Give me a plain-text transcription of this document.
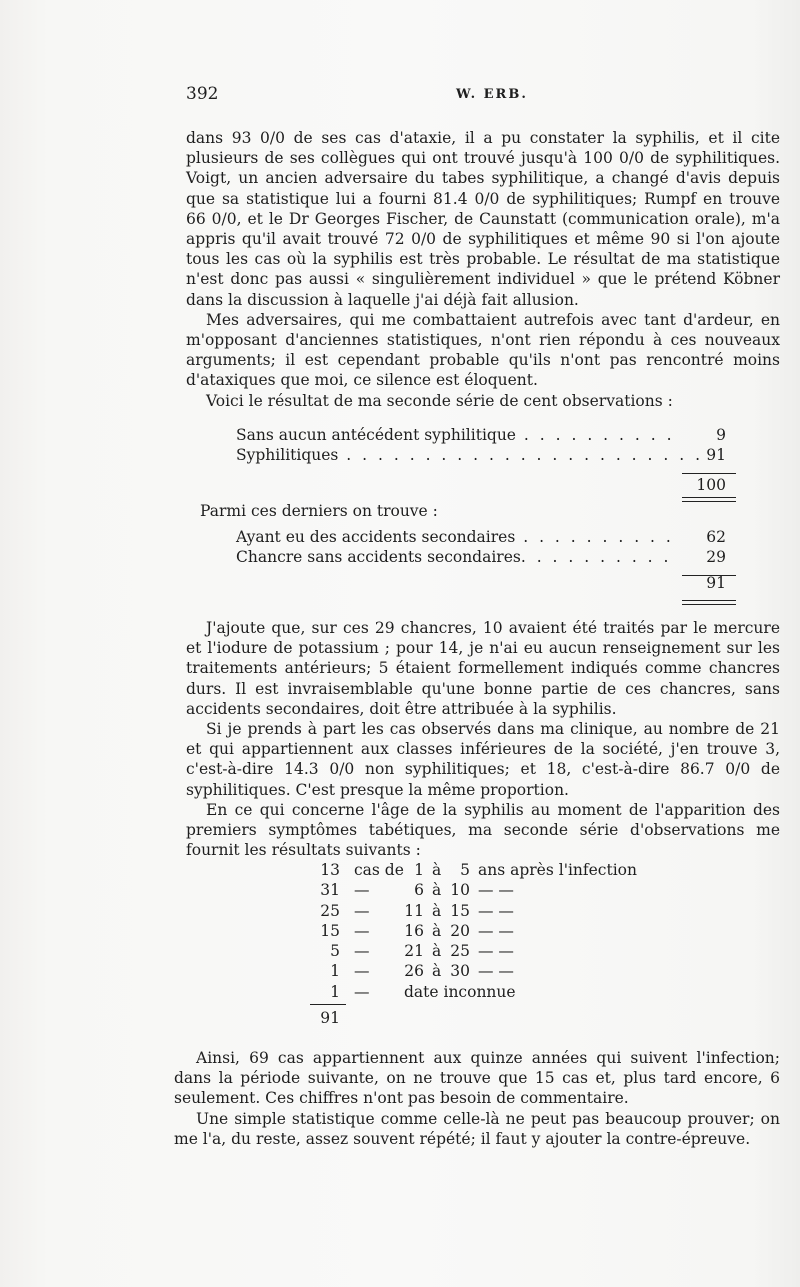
392	W. ERB.

dans 93 0/0 de ses cas d'ataxie, il a pu constater la syphilis, et il cite plusieurs de ses collègues qui ont trouvé jusqu'à 100 0/0 de syphilitiques. Voigt, un ancien adversaire du tabes syphilitique, a changé d'avis depuis que sa statistique lui a fourni 81.4 0/0 de syphilitiques; Rumpf en trouve 66 0/0, et le Dr Georges Fischer, de Caunstatt (communication orale), m'a appris qu'il avait trouvé 72 0/0 de syphilitiques et même 90 si l'on ajoute tous les cas où la syphilis est très probable. Le résultat de ma statistique n'est donc pas aussi « singulièrement individuel » que le prétend Köbner dans la discussion à laquelle j'ai déjà fait allusion.

Mes adversaires, qui me combattaient autrefois avec tant d'ardeur, en m'opposant d'anciennes statistiques, n'ont rien répondu à ces nouveaux arguments; il est cependant probable qu'ils n'ont pas rencontré moins d'ataxiques que moi, ce silence est éloquent.

Voici le résultat de ma seconde série de cent observations :

Sans aucun antécédent syphilitique . . . . . . . . . .	9
Syphilitiques . . . . . . . . . . . . . . . . . . . . . . . 91
100
Parmi ces derniers on trouve :
Ayant eu des accidents secondaires . . . . . . . . . .	62
Chancre sans accidents secondaires. . . . . . . . . .	29
91

J'ajoute que, sur ces 29 chancres, 10 avaient été traités par le mercure et l'iodure de potassium ; pour 14, je n'ai eu aucun renseignement sur les traitements antérieurs; 5 étaient formellement indiqués comme chancres durs. Il est invraisemblable qu'une bonne partie de ces chancres, sans accidents secondaires, doit être attribuée à la syphilis.

Si je prends à part les cas observés dans ma clinique, au nombre de 21 et qui appartiennent aux classes inférieures de la société, j'en trouve 3, c'est-à-dire 14.3 0/0 non syphilitiques; et 18, c'est-à-dire 86.7 0/0 de syphilitiques. C'est presque la même proportion.

En ce qui concerne l'âge de la syphilis au moment de l'apparition des premiers symptômes tabétiques, ma seconde série d'observations me fournit les résultats suivants :

13 cas de 1 à	5 ans après l'infection
31 —	6 à 10 — —
25 — 11 à 15 — —
15 — 16 à 20 — —
5 — 21 à 25 — —
1 — 26 à 30 — —
1 — date inconnue
91

Ainsi, 69 cas appartiennent aux quinze années qui suivent l'infection; dans la période suivante, on ne trouve que 15 cas et, plus tard encore, 6 seulement. Ces chiffres n'ont pas besoin de commentaire.

Une simple statistique comme celle-là ne peut pas beaucoup prouver; on me l'a, du reste, assez souvent répété; il faut y ajouter la contre-épreuve.
